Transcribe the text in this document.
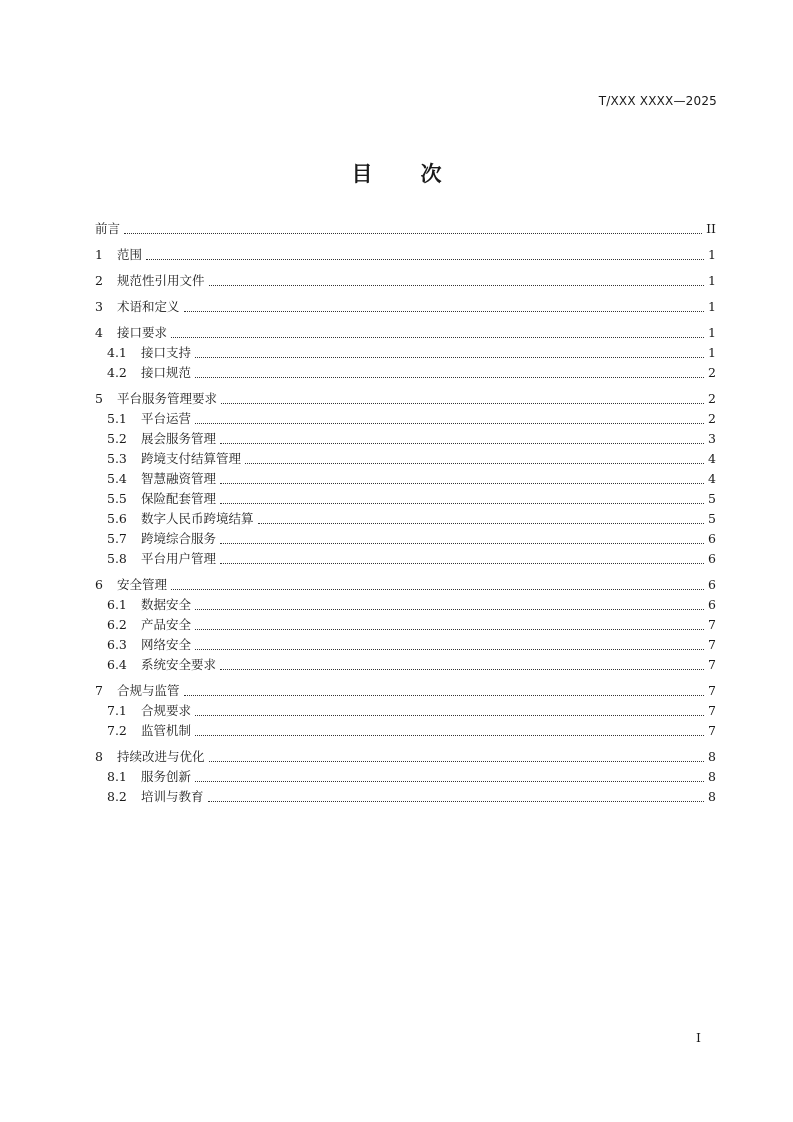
T/XXX XXXX—2025
目次
前言	II
1	范围	1
2	规范性引用文件	1
3	术语和定义	1
4	接口要求	1
4.1	接口支持	1
4.2	接口规范	2
5	平台服务管理要求	2
5.1	平台运营	2
5.2	展会服务管理	3
5.3	跨境支付结算管理	4
5.4	智慧融资管理	4
5.5	保险配套管理	5
5.6	数字人民币跨境结算	5
5.7	跨境综合服务	6
5.8	平台用户管理	6
6	安全管理	6
6.1	数据安全	6
6.2	产品安全	7
6.3	网络安全	7
6.4	系统安全要求	7
7	合规与监管	7
7.1	合规要求	7
7.2	监管机制	7
8	持续改进与优化	8
8.1	服务创新	8
8.2	培训与教育	8
I
